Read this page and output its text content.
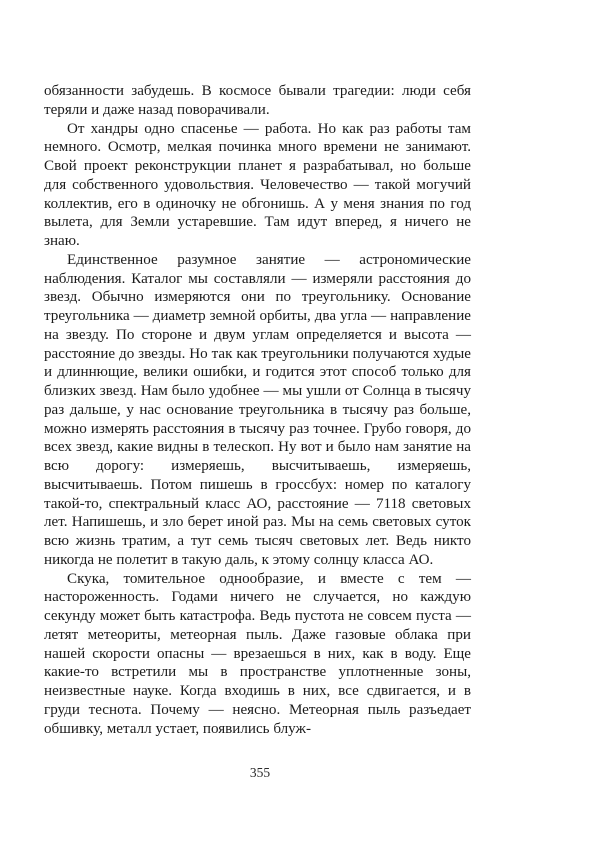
обязанности забудешь. В космосе бывали трагедии: люди себя теряли и даже назад поворачивали.

От хандры одно спасенье — работа. Но как раз работы там немного. Осмотр, мелкая починка много времени не занимают. Свой проект реконструкции планет я разрабатывал, но больше для собственного удовольствия. Человечество — такой могучий коллектив, его в одиночку не обгонишь. А у меня знания по год вылета, для Земли устаревшие. Там идут вперед, я ничего не знаю.

Единственное разумное занятие — астрономические наблюдения. Каталог мы составляли — измеряли расстояния до звезд. Обычно измеряются они по треугольнику. Основание треугольника — диаметр земной орбиты, два угла — направление на звезду. По стороне и двум углам определяется и высота — расстояние до звезды. Но так как треугольники получаются худые и длиннющие, велики ошибки, и годится этот способ только для близких звезд. Нам было удобнее — мы ушли от Солнца в тысячу раз дальше, у нас основание треугольника в тысячу раз больше, можно измерять расстояния в тысячу раз точнее. Грубо говоря, до всех звезд, какие видны в телескоп. Ну вот и было нам занятие на всю дорогу: измеряешь, высчитываешь, измеряешь, высчитываешь. Потом пишешь в гроссбух: номер по каталогу такой-то, спектральный класс АО, расстояние — 7118 световых лет. Напишешь, и зло берет иной раз. Мы на семь световых суток всю жизнь тратим, а тут семь тысяч световых лет. Ведь никто никогда не полетит в такую даль, к этому солнцу класса АО.

Скука, томительное однообразие, и вместе с тем — настороженность. Годами ничего не случается, но каждую секунду может быть катастрофа. Ведь пустота не совсем пуста — летят метеориты, метеорная пыль. Даже газовые облака при нашей скорости опасны — врезаешься в них, как в воду. Еще какие-то встретили мы в пространстве уплотненные зоны, неизвестные науке. Когда входишь в них, все сдвигается, и в груди теснота. Почему — неясно. Метеорная пыль разъедает обшивку, металл устает, появились блуж-

355
